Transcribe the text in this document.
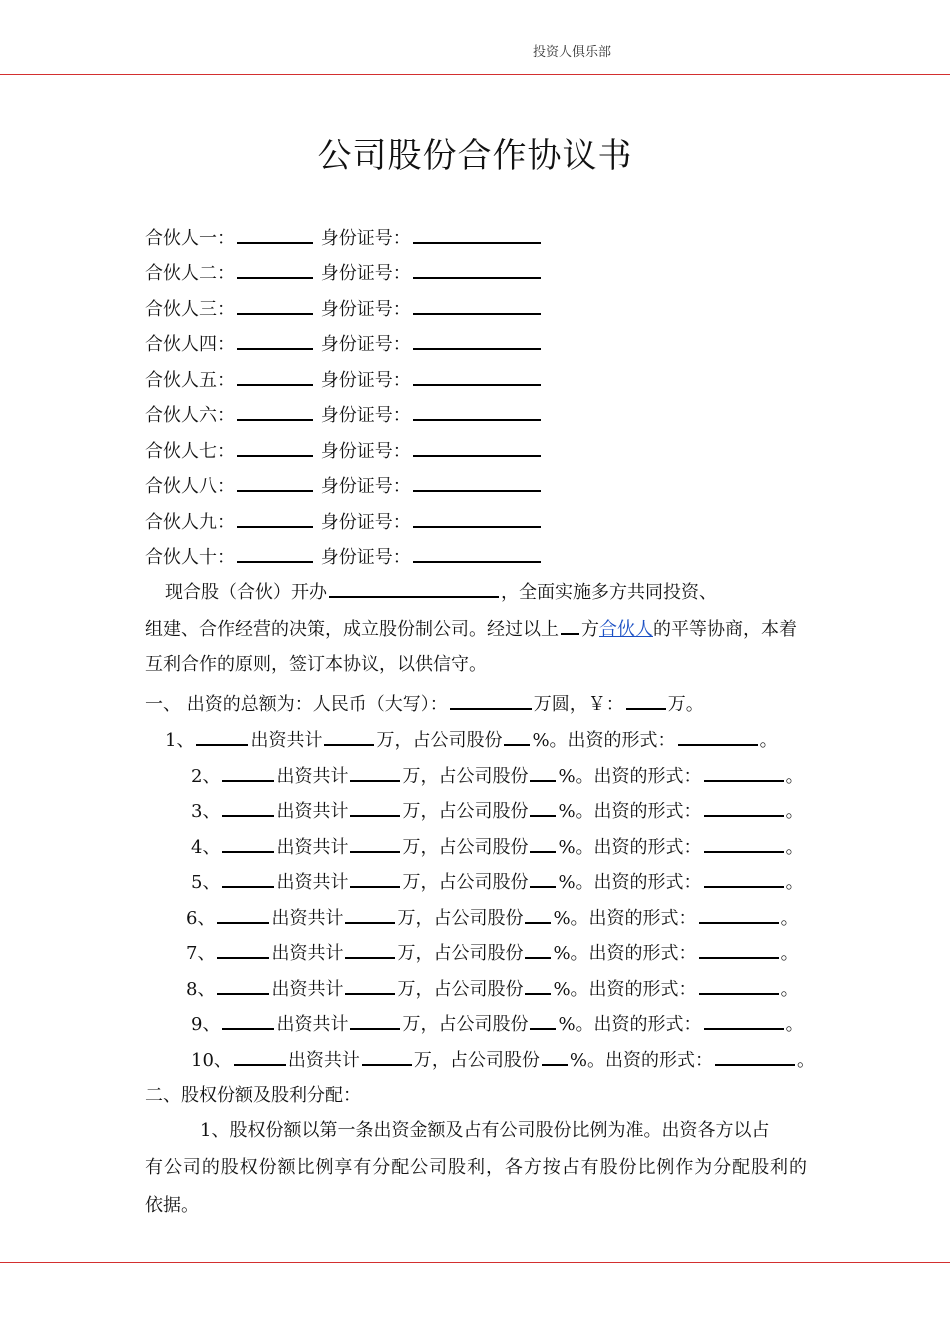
投资人俱乐部
公司股份合作协议书
合伙人一：	身份证号：
合伙人二：	身份证号：
合伙人三：	身份证号：
合伙人四：	身份证号：
合伙人五：	身份证号：
合伙人六：	身份证号：
合伙人七：	身份证号：
合伙人八：	身份证号：
合伙人九：	身份证号：
合伙人十：	身份证号：
现合股（合伙）开办	，全面实施多方共同投资、
组建、合作经营的决策，成立股份制公司。经过以上 方合伙人的平等协商，本着
互利合作的原则，签订本协议，以供信守。
一、 出资的总额为：人民币（大写）：	万圆，￥： 万。
1、	出资共计	万，占公司股份 %。出资的形式：	。
2、	出资共计	万，占公司股份 %。出资的形式：	。
3、	出资共计	万，占公司股份 %。出资的形式：	。
4、	出资共计	万，占公司股份 %。出资的形式：	。
5、	出资共计	万，占公司股份 %。出资的形式：	。
6、	出资共计	万，占公司股份 %。出资的形式：	。
7、	出资共计	万，占公司股份 %。出资的形式：	。
8、	出资共计	万，占公司股份 %。出资的形式：	。
9、	出资共计	万，占公司股份 %。出资的形式：	。
10、	出资共计	万，占公司股份 %。出资的形式：	。
二、股权份额及股利分配：
1、股权份额以第一条出资金额及占有公司股份比例为准。出资各方以占
有公司的股权份额比例享有分配公司股利，各方按占有股份比例作为分配股利的
依据。
